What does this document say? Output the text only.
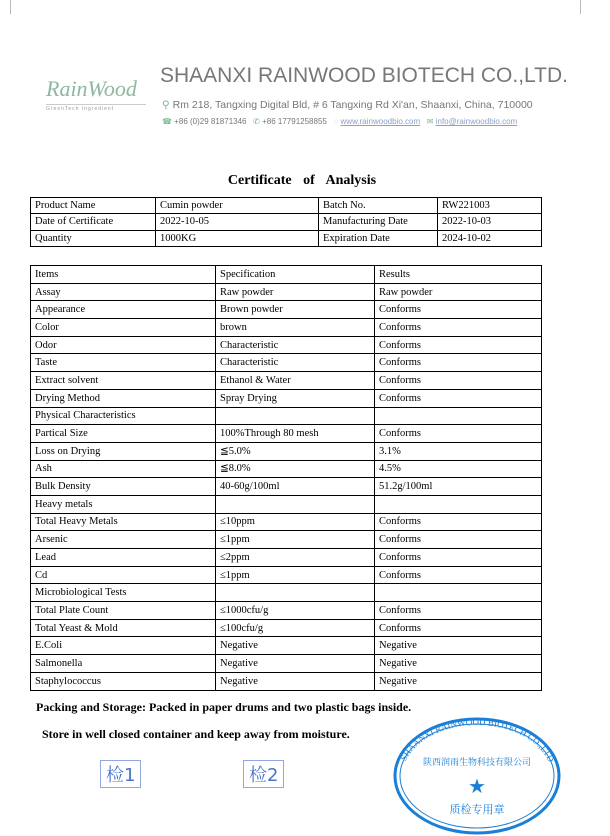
RainWood
GreenTech Ingredient
SHAANXI RAINWOOD BIOTECH CO.,LTD.
⚲ Rm 218, Tangxing Digital Bld, # 6 Tangxing Rd Xi'an, Shaanxi, China, 710000
☎ +86 (0)29 81871346 ✆ +86 17791258855 ◌ www.rainwoodbio.com ✉ info@rainwoodbio.com
Certificate of Analysis
Product Name	Cumin powder	Batch No.	RW221003
Date of Certificate	2022-10-05	Manufacturing Date	2022-10-03
Quantity	1000KG	Expiration Date	2024-10-02
Items	Specification	Results
Assay	Raw powder	Raw powder
Appearance	Brown powder	Conforms
Color	brown	Conforms
Odor	Characteristic	Conforms
Taste	Characteristic	Conforms
Extract solvent	Ethanol & Water	Conforms
Drying Method	Spray Drying	Conforms
Physical Characteristics		
Partical Size	100%Through 80 mesh	Conforms
Loss on Drying	≦5.0%	3.1%
Ash	≦8.0%	4.5%
Bulk Density	40-60g/100ml	51.2g/100ml
Heavy metals		
Total Heavy Metals	≤10ppm	Conforms
Arsenic	≤1ppm	Conforms
Lead	≤2ppm	Conforms
Cd	≤1ppm	Conforms
Microbiological Tests		
Total Plate Count	≤1000cfu/g	Conforms
Total Yeast & Mold	≤100cfu/g	Conforms
E.Coli	Negative	Negative
Salmonella	Negative	Negative
Staphylococcus	Negative	Negative
Packing and Storage: Packed in paper drums and two plastic bags inside.
Store in well closed container and keep away from moisture.
检1	检2
SHAANXI RAINWOOD BIOTECH CO.,LTD
陕西润雨生物科技有限公司
★
质检专用章
